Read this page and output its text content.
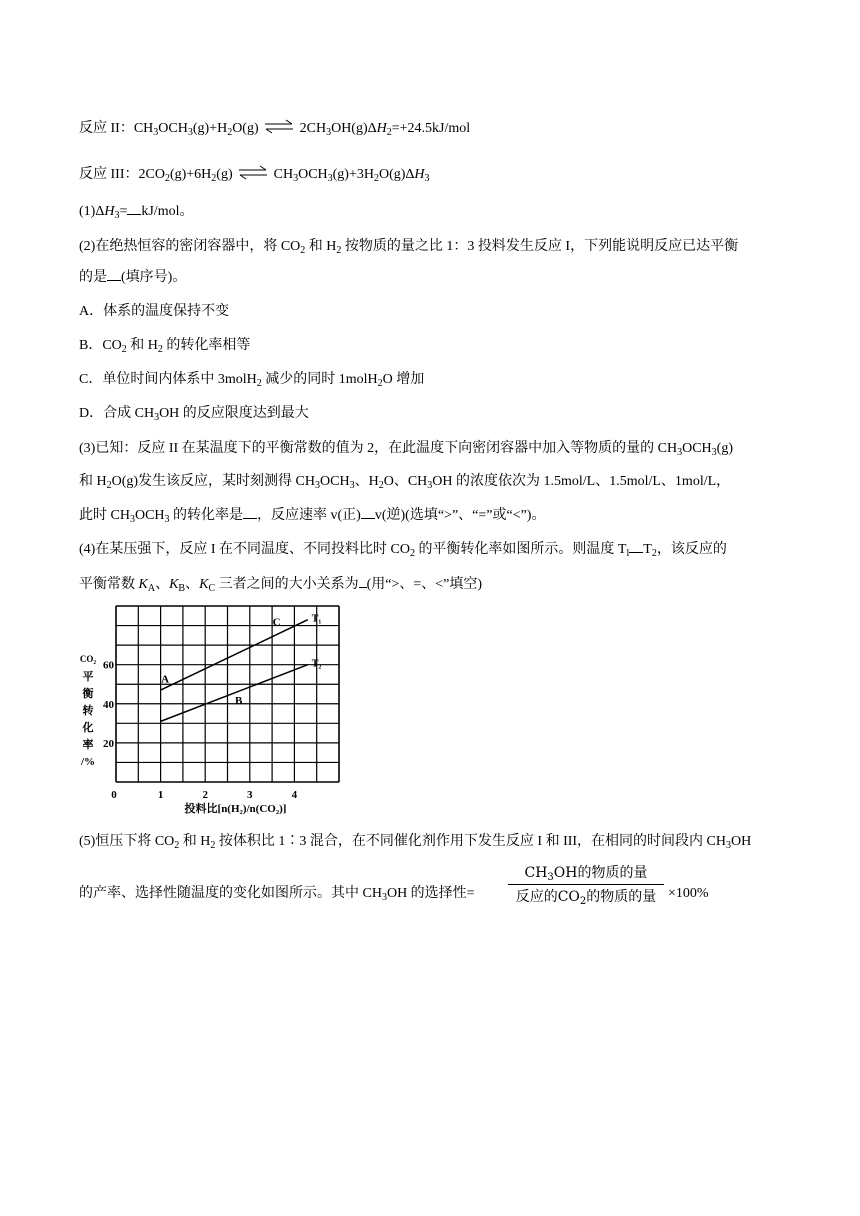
反应 II：$CH_3OCH_3(g)+H_2O(g)$ ⇌ $2CH_3OH(g)\Delta H_2=+24.5kJ$/mol
反应 III：$2CO_2(g)+6H_2(g)$ ⇌ $CH_3OCH_3(g)+3H_2O(g)\Delta H_3$
$(1)\Delta H_3= kJ/mol$。
(2)在绝热恒容的密闭容器中，将 $CO_2$ 和 $H_2$ 按物质的量之比 1：3 投料发生反应 I，下列能说明反应已达平衡
的是 (填序号)。
A．体系的温度保持不变
B．$CO_2$ 和 $H_2$ 的转化率相等
C．单位时间内体系中 3molH$_2$ 减少的同时 1molH$_2$O 增加
D．合成 $CH_3OH$ 的反应限度达到最大
(3)已知：反应 II 在某温度下的平衡常数的值为 2，在此温度下向密闭容器中加入等物质的量的 $CH_3OCH_3(g)$
和 $H_2O(g)$发生该反应，某时刻测得 $CH_3OCH_3$、$H_2O$、$CH_3OH$ 的浓度依次为 1.5mol/L、1.5mol/L、1mol/L，
此时 $CH_3OCH_3$ 的转化率是 ，反应速率 v(正) v(逆)(选填“>”、“=”或“<”)。
(4)在某压强下，反应 I 在不同温度、不同投料比时 $CO_2$ 的平衡转化率如图所示。则温度 $T_l$ $T_2$，该反应的
平衡常数 $K_A$、$K_B$、$K_C$ 三者之间的大小关系为 (用“>、=、<”填空)
0	1	2	3	4
20
40
60
CO₂
平
衡
转
化
率
/%
投料比[n(H₂)/n(CO₂)]
T₁
T₂
A
B
C
(5)恒压下将 $CO_2$ 和 $H_2$ 按体积比 1∶3 混合，在不同催化剂作用下发生反应 I 和 III，在相同的时间段内 $CH_3OH$
的产率、选择性随温度的变化如图所示。其中 $CH_3OH$ 的选择性=
$CH_3OH$的物质的量
反应的$CO_2$的物质的量 ×100%
